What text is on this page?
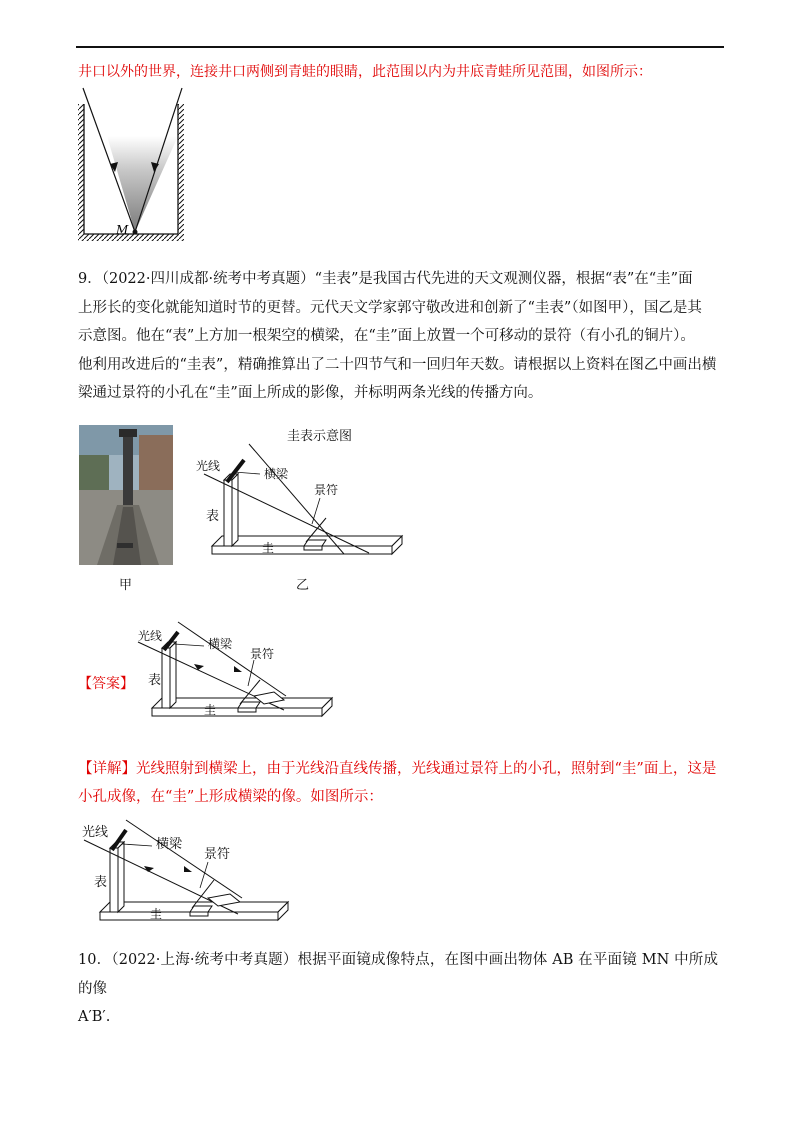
井口以外的世界，连接井口两侧到青蛙的眼睛，此范围以内为井底青蛙所见范围，如图所示：
M
9．（2022·四川成都·统考中考真题）“圭表”是我国古代先进的天文观测仪器，根据“表”在“圭”面
上形长的变化就能知道时节的更替。元代天文学家郭守敬改进和创新了“圭表”（如图甲），国乙是其
示意图。他在“表”上方加一根架空的横梁，在“圭”面上放置一个可移动的景符（有小孔的铜片）。
他利用改进后的“圭表”，精确推算出了二十四节气和一回归年天数。请根据以上资料在图乙中画出横
梁通过景符的小孔在“圭”面上所成的影像，并标明两条光线的传播方向。
甲
圭表示意图
光线
横梁
景符
表
圭
乙
【答案】
光线
横梁
景符
表
圭
【详解】光线照射到横梁上，由于光线沿直线传播，光线通过景符上的小孔，照射到“圭”面上，这是
小孔成像，在“圭”上形成横梁的像。如图所示：
光线
横梁
景符
表
圭
10．（2022·上海·统考中考真题）根据平面镜成像特点，在图中画出物体 AB 在平面镜 MN 中所成的像
A′B′.
